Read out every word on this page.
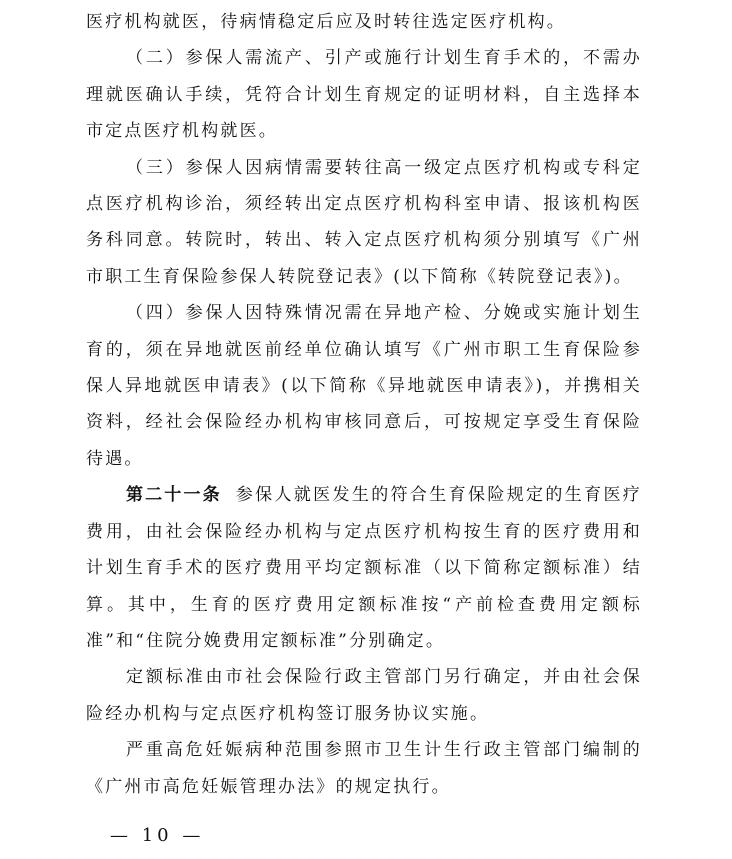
医疗机构就医，待病情稳定后应及时转往选定医疗机构。

（二）参保人需流产、引产或施行计划生育手术的，不需办理就医确认手续，凭符合计划生育规定的证明材料，自主选择本市定点医疗机构就医。

（三）参保人因病情需要转往高一级定点医疗机构或专科定点医疗机构诊治，须经转出定点医疗机构科室申请、报该机构医务科同意。转院时，转出、转入定点医疗机构须分别填写《广州市职工生育保险参保人转院登记表》(以下简称《转院登记表》)。

（四）参保人因特殊情况需在异地产检、分娩或实施计划生育的，须在异地就医前经单位确认填写《广州市职工生育保险参保人异地就医申请表》(以下简称《异地就医申请表》)，并携相关资料，经社会保险经办机构审核同意后，可按规定享受生育保险待遇。

第二十一条 参保人就医发生的符合生育保险规定的生育医疗费用，由社会保险经办机构与定点医疗机构按生育的医疗费用和计划生育手术的医疗费用平均定额标准（以下简称定额标准）结算。其中，生育的医疗费用定额标准按“产前检查费用定额标准”和“住院分娩费用定额标准”分别确定。

定额标准由市社会保险行政主管部门另行确定，并由社会保险经办机构与定点医疗机构签订服务协议实施。

严重高危妊娠病种范围参照市卫生计生行政主管部门编制的《广州市高危妊娠管理办法》的规定执行。

— 10 —
